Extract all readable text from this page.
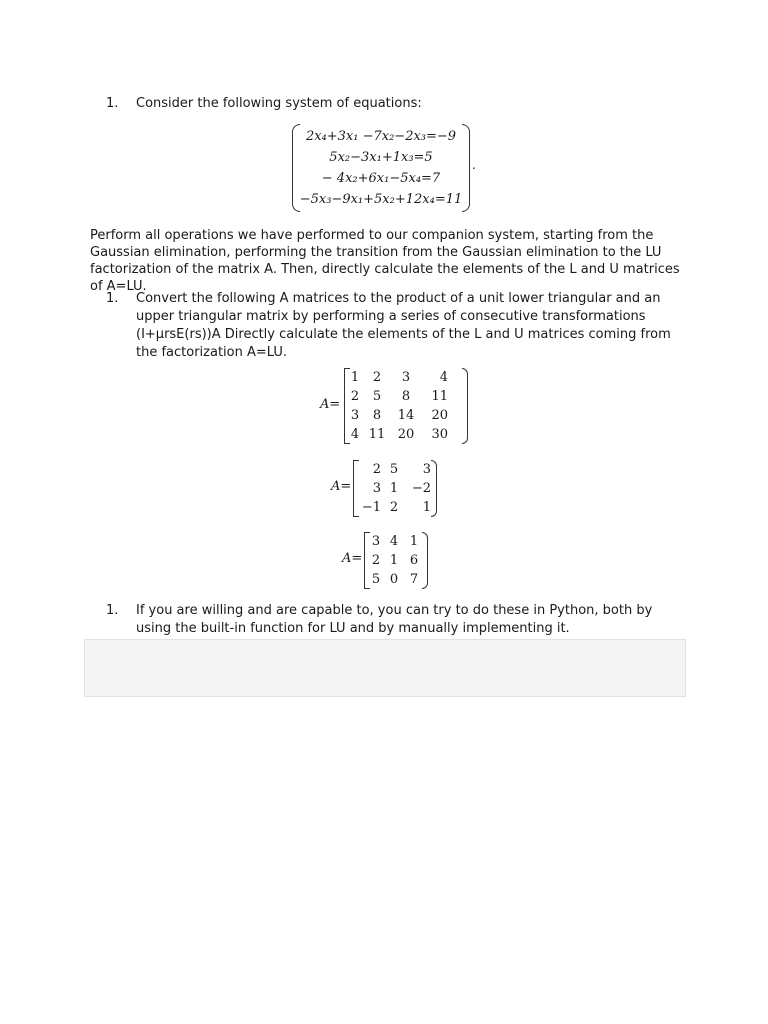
1. Consider the following system of equations:
2x₄+3x₁ −7x₂−2x₃=−9
5x₂−3x₁+1x₃=5
− 4x₂+6x₁−5x₄=7
−5x₃−9x₁+5x₂+12x₄=11
.
Perform all operations we have performed to our companion system, starting from the Gaussian elimination, performing the transition from the Gaussian elimination to the LU factorization of the matrix A. Then, directly calculate the elements of the L and U matrices of A=LU.
1. Convert the following A matrices to the product of a unit lower triangular and an upper triangular matrix by performing a series of consecutive transformations (I+μrsE(rs))A Directly calculate the elements of the L and U matrices coming from the factorization A=LU.
A=
1	2	3	4
2	5	8	11
3	8	14	20
4	11	20	30
A=
2	5	3
3	1	−2
−1	2	1
A=
3	4	1
2	1	6
5	0	7
1. If you are willing and are capable to, you can try to do these in Python, both by using the built-in function for LU and by manually implementing it.
